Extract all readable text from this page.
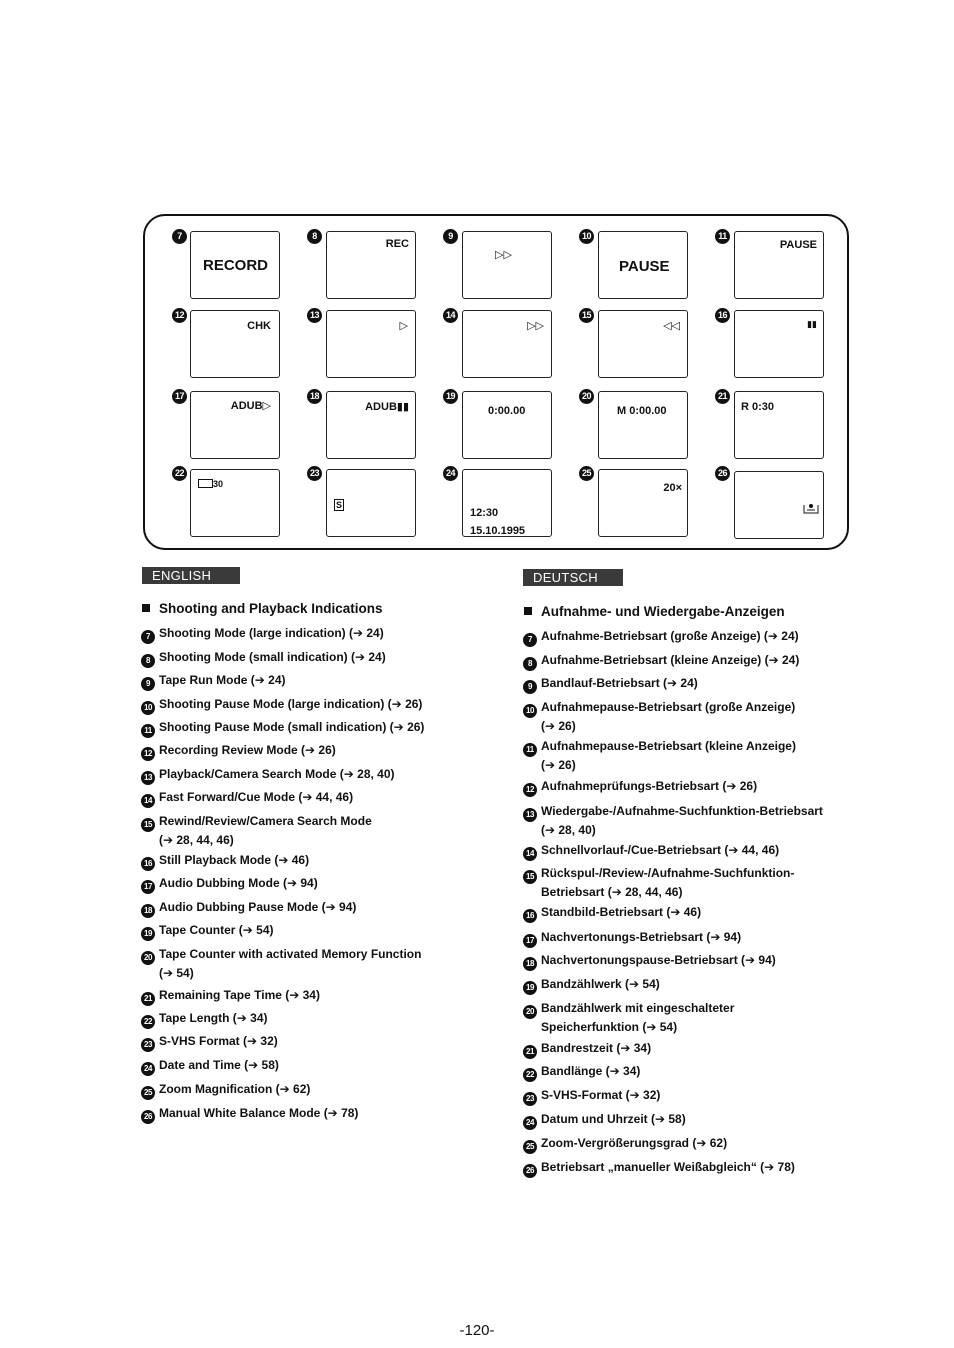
7
RECORD
8
REC
9
▷▷
10
PAUSE
11
PAUSE
12
CHK
13
▷
14
▷▷
15
◁◁
16
▮▮
17
ADUB▷
18
ADUB▮▮
19
0:00.00
20
M 0:00.00
21
R 0:30
22
30
23
S
24
12:30
15.10.1995
25
20×
26
ENGLISH
Shooting and Playback Indications
7 Shooting Mode (large indication) (➔ 24)
8 Shooting Mode (small indication) (➔ 24)
9 Tape Run Mode (➔ 24)
10 Shooting Pause Mode (large indication) (➔ 26)
11 Shooting Pause Mode (small indication) (➔ 26)
12 Recording Review Mode (➔ 26)
13 Playback/Camera Search Mode (➔ 28, 40)
14 Fast Forward/Cue Mode (➔ 44, 46)
15 Rewind/Review/Camera Search Mode
(➔ 28, 44, 46)
16 Still Playback Mode (➔ 46)
17 Audio Dubbing Mode (➔ 94)
18 Audio Dubbing Pause Mode (➔ 94)
19 Tape Counter (➔ 54)
20 Tape Counter with activated Memory Function
(➔ 54)
21 Remaining Tape Time (➔ 34)
22 Tape Length (➔ 34)
23 S-VHS Format (➔ 32)
24 Date and Time (➔ 58)
25 Zoom Magnification (➔ 62)
26 Manual White Balance Mode (➔ 78)
DEUTSCH
Aufnahme- und Wiedergabe-Anzeigen
7 Aufnahme-Betriebsart (große Anzeige) (➔ 24)
8 Aufnahme-Betriebsart (kleine Anzeige) (➔ 24)
9 Bandlauf-Betriebsart (➔ 24)
10 Aufnahmepause-Betriebsart (große Anzeige)
(➔ 26)
11 Aufnahmepause-Betriebsart (kleine Anzeige)
(➔ 26)
12 Aufnahmeprüfungs-Betriebsart (➔ 26)
13 Wiedergabe-/Aufnahme-Suchfunktion-Betriebsart
(➔ 28, 40)
14 Schnellvorlauf-/Cue-Betriebsart (➔ 44, 46)
15 Rückspul-/Review-/Aufnahme-Suchfunktion-
Betriebsart (➔ 28, 44, 46)
16 Standbild-Betriebsart (➔ 46)
17 Nachvertonungs-Betriebsart (➔ 94)
18 Nachvertonungspause-Betriebsart (➔ 94)
19 Bandzählwerk (➔ 54)
20 Bandzählwerk mit eingeschalteter
Speicherfunktion (➔ 54)
21 Bandrestzeit (➔ 34)
22 Bandlänge (➔ 34)
23 S-VHS-Format (➔ 32)
24 Datum und Uhrzeit (➔ 58)
25 Zoom-Vergrößerungsgrad (➔ 62)
26 Betriebsart „manueller Weißabgleich“ (➔ 78)
-120-
